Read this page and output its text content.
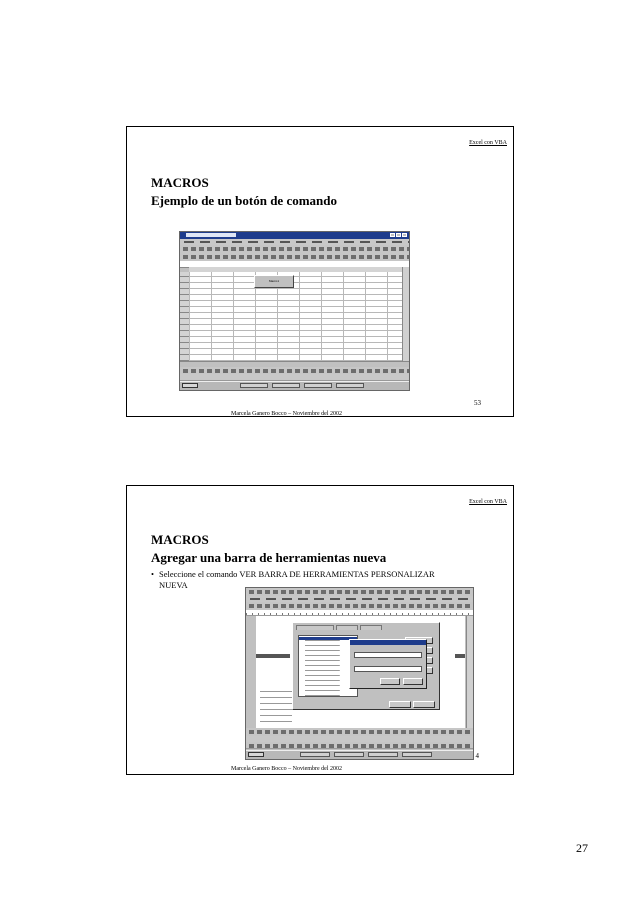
Excel con VBA
MACROS
Ejemplo de un botón de comando
Macro1
53
Marcela Ganero Bocco – Noviembre del 2002
Excel con VBA
MACROS
Agregar una barra de herramientas nueva
• Seleccione el comando VER BARRA DE HERRAMIENTAS PERSONALIZAR
NUEVA
4
Marcela Ganero Bocco – Noviembre del 2002
27
